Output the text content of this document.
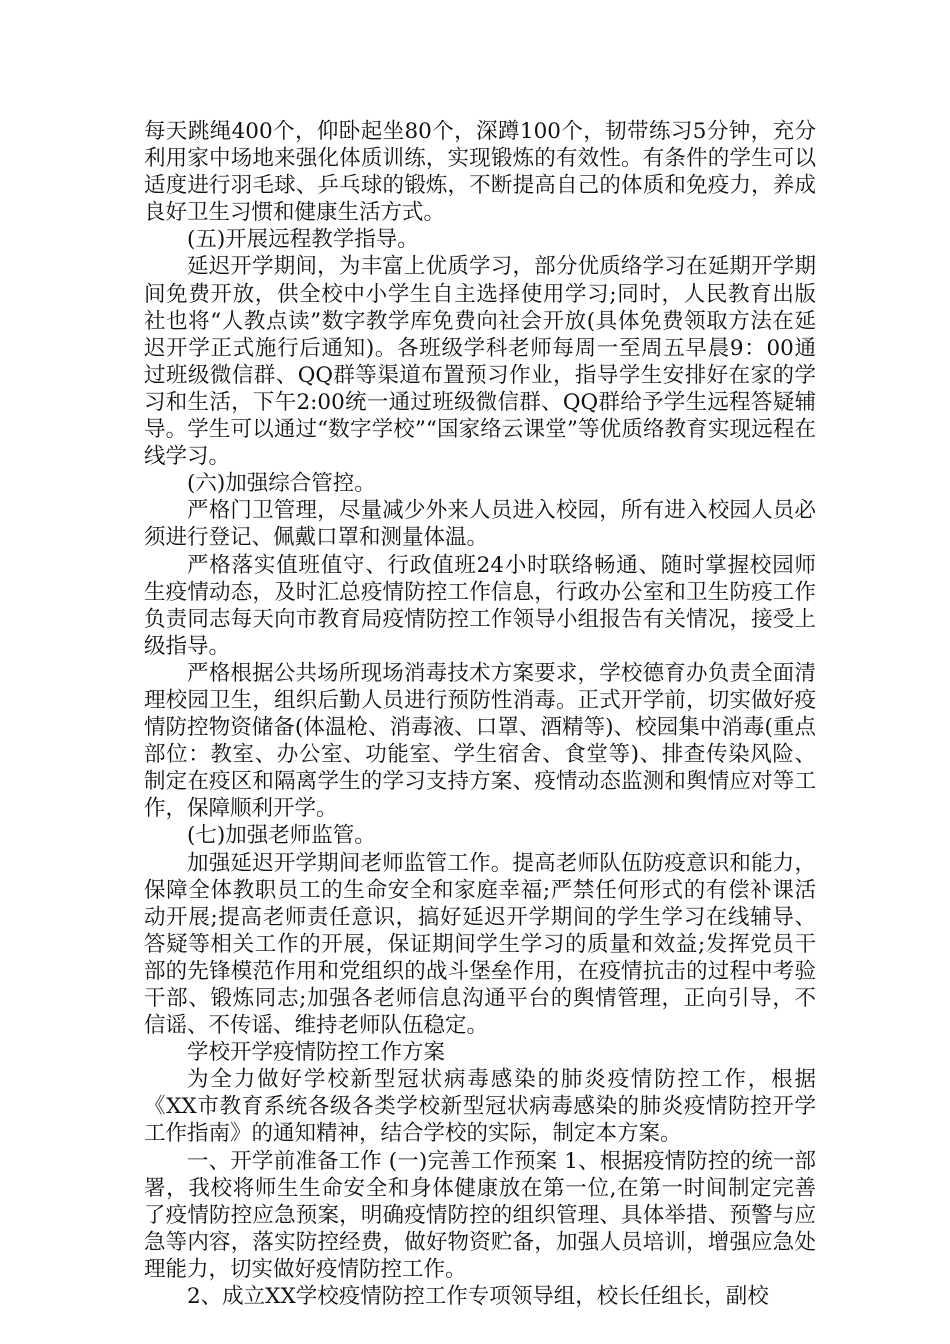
每天跳绳400个，仰卧起坐80个，深蹲100个，韧带练习5分钟，充分利用家中场地来强化体质训练，实现锻炼的有效性。有条件的学生可以适度进行羽毛球、乒乓球的锻炼，不断提高自己的体质和免疫力，养成良好卫生习惯和健康生活方式。

(五)开展远程教学指导。

延迟开学期间，为丰富上优质学习，部分优质络学习在延期开学期间免费开放，供全校中小学生自主选择使用学习;同时，人民教育出版社也将“人教点读”数字教学库免费向社会开放(具体免费领取方法在延迟开学正式施行后通知)。各班级学科老师每周一至周五早晨9：00通过班级微信群、QQ群等渠道布置预习作业，指导学生安排好在家的学习和生活，下午2:00统一通过班级微信群、QQ群给予学生远程答疑辅导。学生可以通过“数字学校”“国家络云课堂”等优质络教育实现远程在线学习。

(六)加强综合管控。

严格门卫管理，尽量减少外来人员进入校园，所有进入校园人员必须进行登记、佩戴口罩和测量体温。

严格落实值班值守、行政值班24小时联络畅通、随时掌握校园师生疫情动态，及时汇总疫情防控工作信息，行政办公室和卫生防疫工作负责同志每天向市教育局疫情防控工作领导小组报告有关情况，接受上级指导。

严格根据公共场所现场消毒技术方案要求，学校德育办负责全面清理校园卫生，组织后勤人员进行预防性消毒。正式开学前，切实做好疫情防控物资储备(体温枪、消毒液、口罩、酒精等)、校园集中消毒(重点部位：教室、办公室、功能室、学生宿舍、食堂等)、排查传染风险、制定在疫区和隔离学生的学习支持方案、疫情动态监测和舆情应对等工作，保障顺利开学。

(七)加强老师监管。

加强延迟开学期间老师监管工作。提高老师队伍防疫意识和能力，保障全体教职员工的生命安全和家庭幸福;严禁任何形式的有偿补课活动开展;提高老师责任意识，搞好延迟开学期间的学生学习在线辅导、答疑等相关工作的开展，保证期间学生学习的质量和效益;发挥党员干部的先锋模范作用和党组织的战斗堡垒作用，在疫情抗击的过程中考验干部、锻炼同志;加强各老师信息沟通平台的舆情管理，正向引导，不信谣、不传谣、维持老师队伍稳定。

学校开学疫情防控工作方案

为全力做好学校新型冠状病毒感染的肺炎疫情防控工作，根据《XX市教育系统各级各类学校新型冠状病毒感染的肺炎疫情防控开学工作指南》的通知精神，结合学校的实际，制定本方案。

一、开学前准备工作 (一)完善工作预案 1、根据疫情防控的统一部署，我校将师生生命安全和身体健康放在第一位,在第一时间制定完善了疫情防控应急预案，明确疫情防控的组织管理、具体举措、预警与应急等内容，落实防控经费，做好物资贮备，加强人员培训，增强应急处理能力，切实做好疫情防控工作。

2、成立XX学校疫情防控工作专项领导组，校长任组长，副校
